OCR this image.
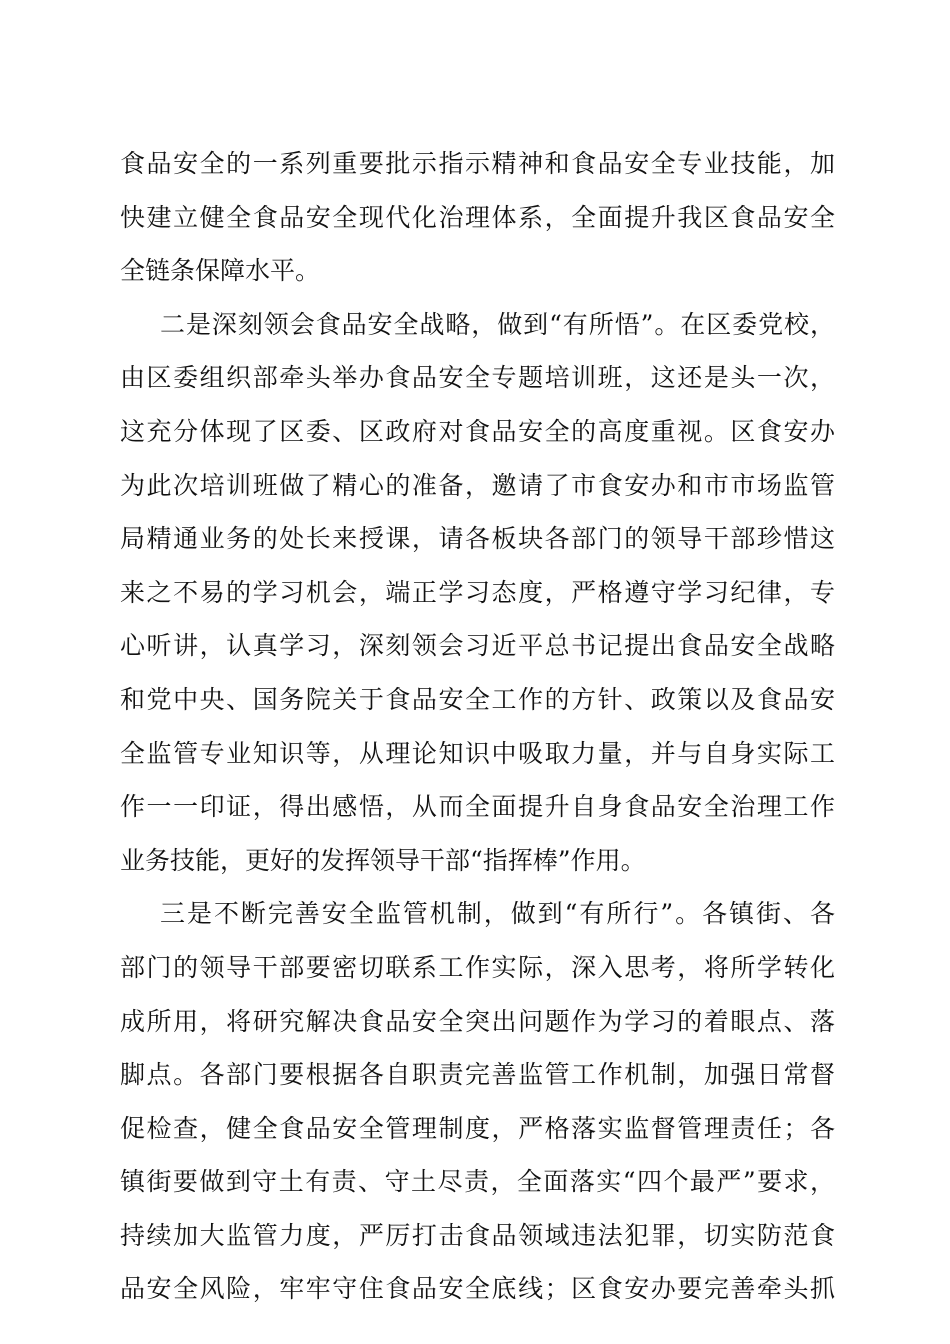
食品安全的一系列重要批示指示精神和食品安全专业技能，加
快建立健全食品安全现代化治理体系，全面提升我区食品安全
全链条保障水平。
二是深刻领会食品安全战略，做到“有所悟”。在区委党校，
由区委组织部牵头举办食品安全专题培训班，这还是头一次，
这充分体现了区委、区政府对食品安全的高度重视。区食安办
为此次培训班做了精心的准备，邀请了市食安办和市市场监管
局精通业务的处长来授课，请各板块各部门的领导干部珍惜这
来之不易的学习机会，端正学习态度，严格遵守学习纪律，专
心听讲，认真学习，深刻领会习近平总书记提出食品安全战略
和党中央、国务院关于食品安全工作的方针、政策以及食品安
全监管专业知识等，从理论知识中吸取力量，并与自身实际工
作一一印证，得出感悟，从而全面提升自身食品安全治理工作
业务技能，更好的发挥领导干部“指挥棒”作用。
三是不断完善安全监管机制，做到“有所行”。各镇街、各
部门的领导干部要密切联系工作实际，深入思考，将所学转化
成所用，将研究解决食品安全突出问题作为学习的着眼点、落
脚点。各部门要根据各自职责完善监管工作机制，加强日常督
促检查，健全食品安全管理制度，严格落实监督管理责任；各
镇街要做到守土有责、守土尽责，全面落实“四个最严”要求，
持续加大监管力度，严厉打击食品领域违法犯罪，切实防范食
品安全风险，牢牢守住食品安全底线；区食安办要完善牵头抓
